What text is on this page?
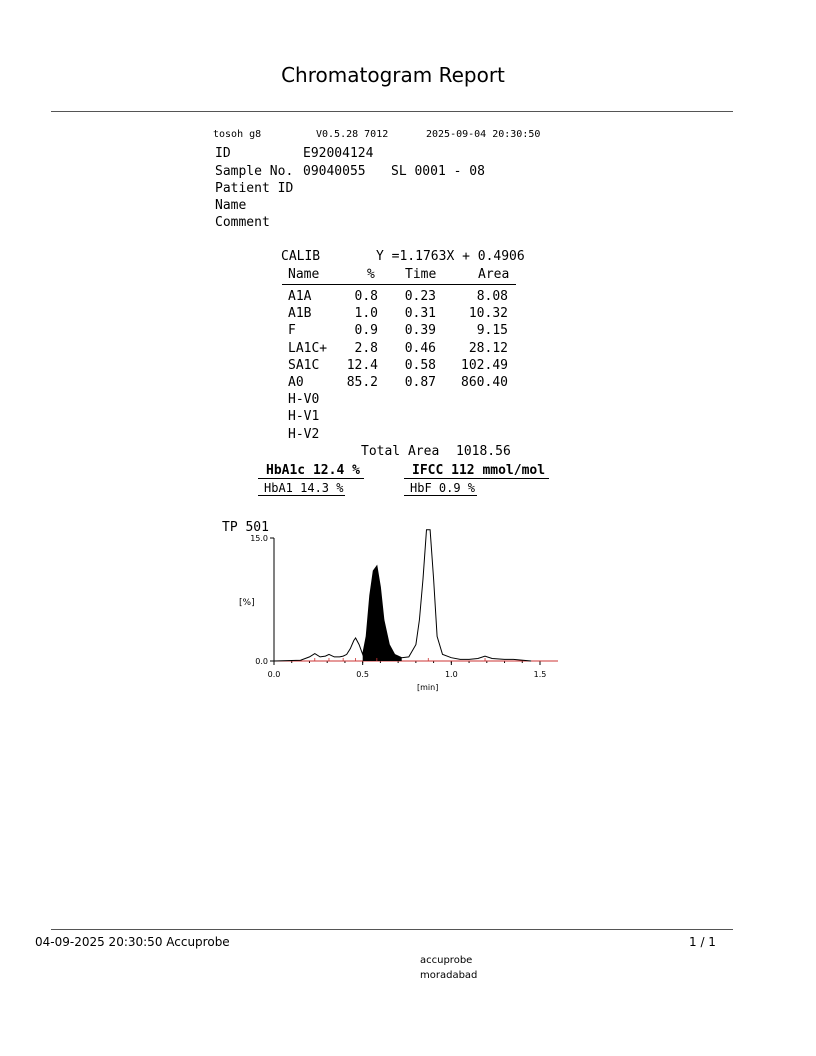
Chromatogram Report
tosoh g8	V0.5.28 7012	2025-09-04 20:30:50
ID	E92004124
Sample No. 09040055 SL 0001 - 08
Patient ID
Name
Comment
CALIB	Y =1.1763X + 0.4906
Name	% Time	Area
A1A	0.8 0.23	8.08
A1B	1.0 0.31	10.32
F	0.9 0.39	9.15
LA1C+ 2.8 0.46	28.12
SA1C 12.4 0.58 102.49
A0	85.2 0.87 860.40
H-V0
H-V1
H-V2
Total Area 1018.56
HbA1c 12.4 %	IFCC 112 mmol/mol
HbA1 14.3 %	HbF 0.9 %
TP 501
[%]
[min]
0.0
15.0
0.0	0.5	1.0	1.5
04-09-2025 20:30:50 Accuprobe	1 / 1
accuprobe
moradabad
